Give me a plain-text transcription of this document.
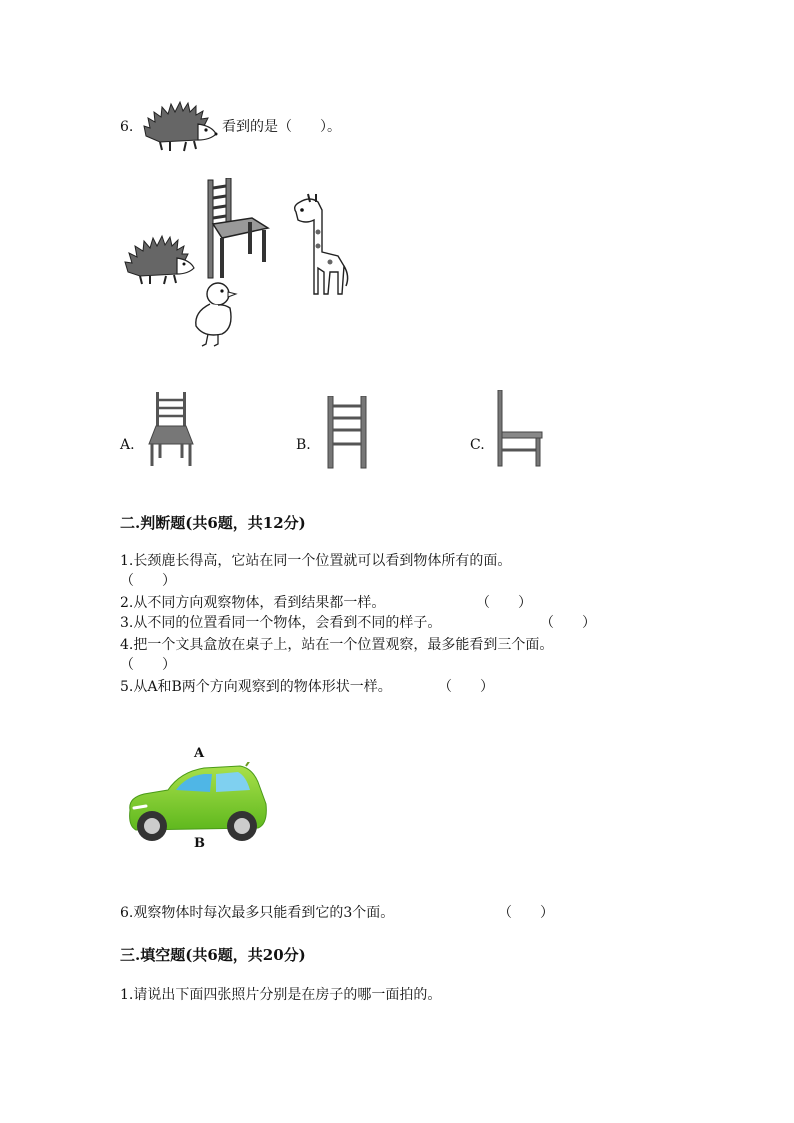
6.	看到的是（　　）。
A.	B.	C.
二.判断题(共6题，共12分)
1.长颈鹿长得高，它站在同一个位置就可以看到物体所有的面。
（　　）
2.从不同方向观察物体，看到结果都一样。	（　　）
3.从不同的位置看同一个物体，会看到不同的样子。	（　　）
4.把一个文具盒放在桌子上，站在一个位置观察，最多能看到三个面。
（　　）
5.从A和B两个方向观察到的物体形状一样。	（　　）
A
B
6.观察物体时每次最多只能看到它的3个面。	（　　）
三.填空题(共6题，共20分)
1.请说出下面四张照片分别是在房子的哪一面拍的。
